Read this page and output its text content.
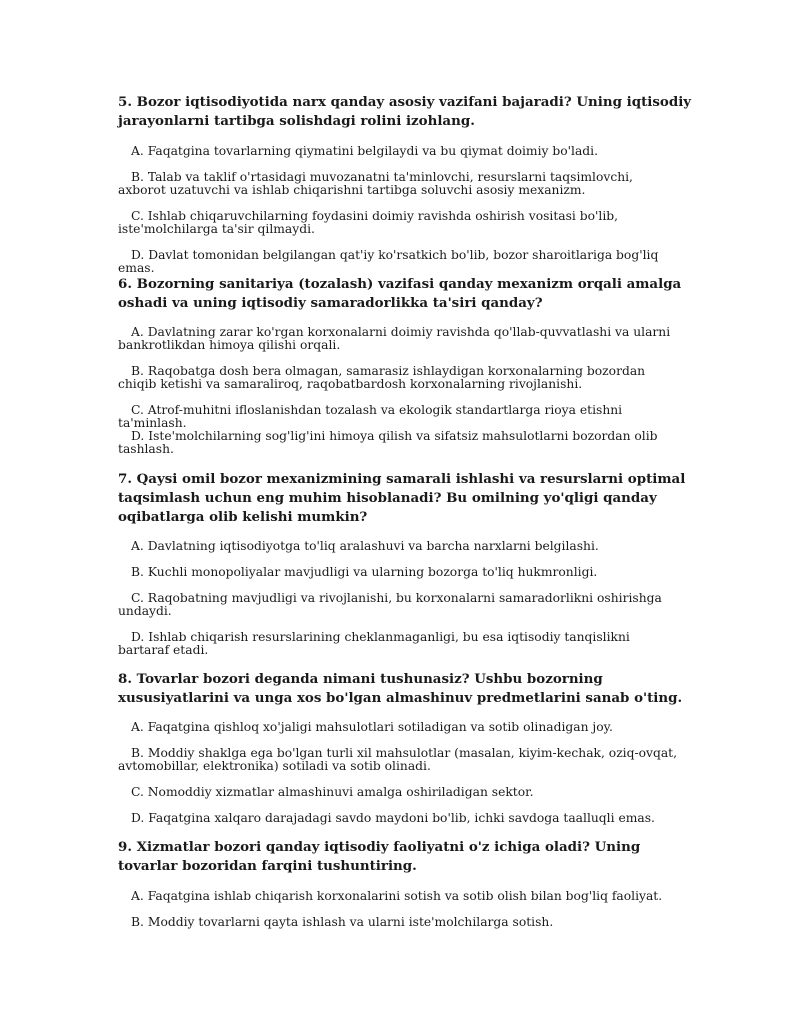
5. Bozor iqtisodiyotida narx qanday asosiy vazifani bajaradi? Uning iqtisodiy jarayonlarni tartibga solishdagi rolini izohlang.

A. Faqatgina tovarlarning qiymatini belgilaydi va bu qiymat doimiy bo'ladi.

B. Talab va taklif o'rtasidagi muvozanatni ta'minlovchi, resurslarni taqsimlovchi, axborot uzatuvchi va ishlab chiqarishni tartibga soluvchi asosiy mexanizm.

C. Ishlab chiqaruvchilarning foydasini doimiy ravishda oshirish vositasi bo'lib, iste'molchilarga ta'sir qilmaydi.

D. Davlat tomonidan belgilangan qat'iy ko'rsatkich bo'lib, bozor sharoitlariga bog'liq emas.

6. Bozorning sanitariya (tozalash) vazifasi qanday mexanizm orqali amalga oshadi va uning iqtisodiy samaradorlikka ta'siri qanday?

A. Davlatning zarar ko'rgan korxonalarni doimiy ravishda qo'llab-quvvatlashi va ularni bankrotlikdan himoya qilishi orqali.

B. Raqobatga dosh bera olmagan, samarasiz ishlaydigan korxonalarning bozordan chiqib ketishi va samaraliroq, raqobatbardosh korxonalarning rivojlanishi.

C. Atrof-muhitni ifloslanishdan tozalash va ekologik standartlarga rioya etishni ta'minlash.

D. Iste'molchilarning sog'lig'ini himoya qilish va sifatsiz mahsulotlarni bozordan olib tashlash.

7. Qaysi omil bozor mexanizmining samarali ishlashi va resurslarni optimal taqsimlash uchun eng muhim hisoblanadi? Bu omilning yo'qligi qanday oqibatlarga olib kelishi mumkin?

A. Davlatning iqtisodiyotga to'liq aralashuvi va barcha narxlarni belgilashi.

B. Kuchli monopoliyalar mavjudligi va ularning bozorga to'liq hukmronligi.

C. Raqobatning mavjudligi va rivojlanishi, bu korxonalarni samaradorlikni oshirishga undaydi.

D. Ishlab chiqarish resurslarining cheklanmaganligi, bu esa iqtisodiy tanqislikni bartaraf etadi.

8. Tovarlar bozori deganda nimani tushunasiz? Ushbu bozorning xususiyatlarini va unga xos bo'lgan almashinuv predmetlarini sanab o'ting.

A. Faqatgina qishloq xo'jaligi mahsulotlari sotiladigan va sotib olinadigan joy.

B. Moddiy shaklga ega bo'lgan turli xil mahsulotlar (masalan, kiyim-kechak, oziq-ovqat, avtomobillar, elektronika) sotiladi va sotib olinadi.

C. Nomoddiy xizmatlar almashinuvi amalga oshiriladigan sektor.

D. Faqatgina xalqaro darajadagi savdo maydoni bo'lib, ichki savdoga taalluqli emas.

9. Xizmatlar bozori qanday iqtisodiy faoliyatni o'z ichiga oladi? Uning tovarlar bozoridan farqini tushuntiring.

A. Faqatgina ishlab chiqarish korxonalarini sotish va sotib olish bilan bog'liq faoliyat.

B. Moddiy tovarlarni qayta ishlash va ularni iste'molchilarga sotish.
